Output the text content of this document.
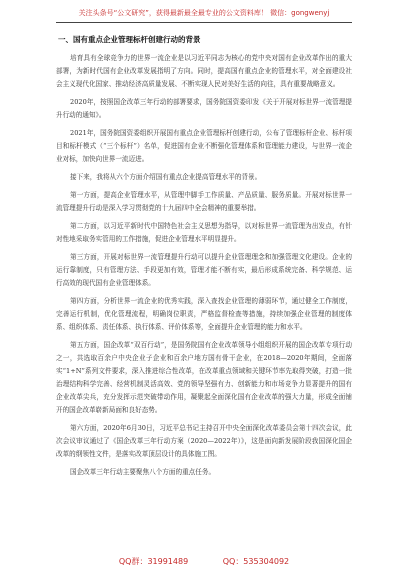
关注头条号“公文研究”，获得最新最全最专业的公文资料库！ 微信：gongwenyj
一、国有重点企业管理标杆创建行动的背景

培育具有全球竞争力的世界一流企业是以习近平同志为核心的党中央对国有企业改革作出的重大部署，为新时代国有企业改革发展指明了方向。同时，提高国有重点企业的管理水平，对全面建设社会主义现代化国家、推动经济高质量发展、不断实现人民对美好生活的向往，具有重要战略意义。

2020年，按照国企改革三年行动的部署要求，国务院国资委印发《关于开展对标世界一流管理提升行动的通知》。

2021年，国务院国资委组织开展国有重点企业管理标杆创建行动，公布了管理标杆企业、标杆项目和标杆模式（“三个标杆”）名单，促进国有企业不断强化管理体系和管理能力建设，与世界一流企业对标，加快向世界一流迈进。

接下来，我将从六个方面介绍国有重点企业提高管理水平的背景。

第一方面，提高企业管理水平，从管理中脚手工作质量、产品质量、服务质量。开展对标世界一流管理提升行动是深入学习贯彻党的十九届四中全会精神的重要举措。

第二方面，以习近平新时代中国特色社会主义思想为指导，以对标世界一流管理为出发点，有针对性地采取务实管用的工作措施，促进企业管理水平明显提升。

第三方面，开展对标世界一流管理提升行动可以提升企业管理理念和加强管理文化建设。企业的运行靠制度，只有管理方法、手段更加有效，管理才能不断有实，最后形成系统完备、科学规范、运行高效的现代国有企业管理体系。

第四方面，分析世界一流企业的优秀实践，深入查找企业管理的薄弱环节，通过健全工作制度，完善运行机制，优化管理流程，明确岗位职责，严格监督检查等措施，持续加强企业管理的制度体系、组织体系、责任体系、执行体系、评价体系等，全面提升企业管理的能力和水平。

第五方面，国企改革“双百行动”，是国务院国有企业改革领导小组组织开展的国企改革专项行动之一，共选取百余户中央企业子企业和百余户地方国有骨干企业，在2018—2020年期间，全面落实“1+N”系列文件要求，深入推进综合性改革，在改革重点领域和关键环节率先取得突破，打造一批治理结构科学完善、经营机制灵活高效、党的领导坚强有力、创新能力和市场竞争力显著提升的国有企业改革尖兵，充分发挥示范突破带动作用，凝聚起全面深化国有企业改革的强大力量，形成全面铺开的国企改革崭新局面和良好态势。

第六方面，2020年6月30日，习近平总书记主持召开中央全面深化改革委员会第十四次会议，此次会议审议通过了《国企改革三年行动方案（2020—2022年）》，这是面向新发展阶段我国深化国企改革的纲领性文件，是落实改革顶层设计的具体施工图。

国企改革三年行动主要聚焦八个方面的重点任务。

QQ群：31991489	QQ：535304092
